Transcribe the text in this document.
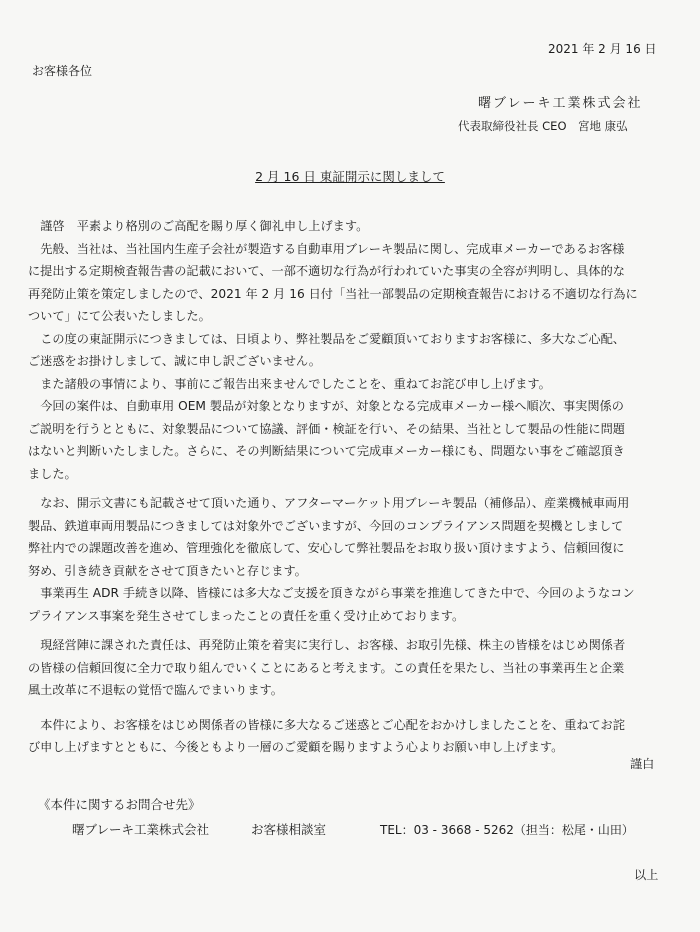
2021 年 2 月 16 日
お客様各位
曙ブレーキ工業株式会社
代表取締役社長 CEO　宮地 康弘
2 月 16 日 東証開示に関しまして

謹啓　平素より格別のご高配を賜り厚く御礼申し上げます。

先般、当社は、当社国内生産子会社が製造する自動車用ブレーキ製品に関し、完成車メーカーであるお客様

に提出する定期検査報告書の記載において、一部不適切な行為が行われていた事実の全容が判明し、具体的な

再発防止策を策定しましたので、2021 年 2 月 16 日付「当社一部製品の定期検査報告における不適切な行為に

ついて」にて公表いたしました。

この度の東証開示につきましては、日頃より、弊社製品をご愛顧頂いておりますお客様に、多大なご心配、

ご迷惑をお掛けしまして、誠に申し訳ございません。

また諸般の事情により、事前にご報告出来ませんでしたことを、重ねてお詫び申し上げます。

今回の案件は、自動車用 OEM 製品が対象となりますが、対象となる完成車メーカー様へ順次、事実関係の

ご説明を行うとともに、対象製品について協議、評価・検証を行い、その結果、当社として製品の性能に問題

はないと判断いたしました。さらに、その判断結果について完成車メーカー様にも、問題ない事をご確認頂き

ました。

なお、開示文書にも記載させて頂いた通り、アフターマーケット用ブレーキ製品（補修品）、産業機械車両用

製品、鉄道車両用製品につきましては対象外でございますが、今回のコンプライアンス問題を契機としまして

弊社内での課題改善を進め、管理強化を徹底して、安心して弊社製品をお取り扱い頂けますよう、信頼回復に

努め、引き続き貢献をさせて頂きたいと存じます。

事業再生 ADR 手続き以降、皆様には多大なご支援を頂きながら事業を推進してきた中で、今回のようなコン

プライアンス事案を発生させてしまったことの責任を重く受け止めております。

現経営陣に課された責任は、再発防止策を着実に実行し、お客様、お取引先様、株主の皆様をはじめ関係者

の皆様の信頼回復に全力で取り組んでいくことにあると考えます。この責任を果たし、当社の事業再生と企業

風土改革に不退転の覚悟で臨んでまいります。

本件により、お客様をはじめ関係者の皆様に多大なるご迷惑とご心配をおかけしましたことを、重ねてお詫

び申し上げますとともに、今後ともより一層のご愛顧を賜りますよう心よりお願い申し上げます。

謹白
《本件に関するお問合せ先》
曙ブレーキ工業株式会社	お客様相談室	TEL：03 - 3668 - 5262（担当：松尾・山田）
以上
